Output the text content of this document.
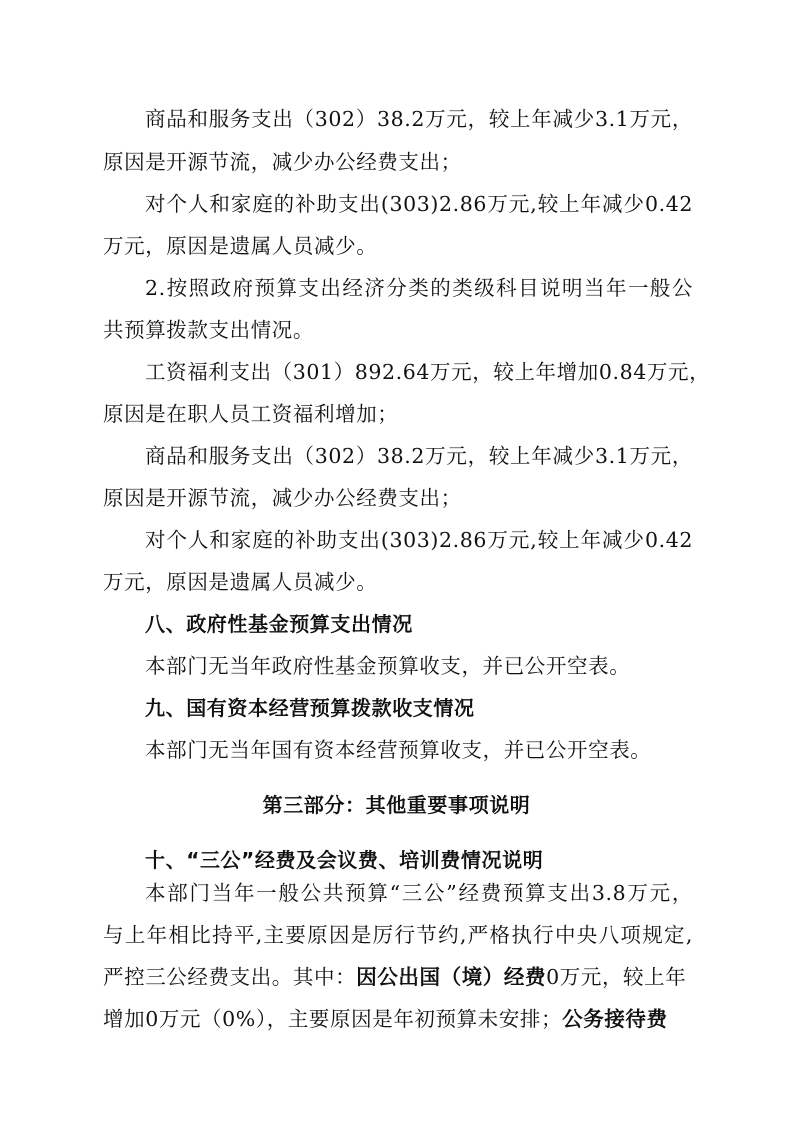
商品和服务支出（302）38.2万元，较上年减少3.1万元，
原因是开源节流，减少办公经费支出；
对个人和家庭的补助支出(303)2.86万元,较上年减少0.42
万元，原因是遗属人员减少。
2.按照政府预算支出经济分类的类级科目说明当年一般公
共预算拨款支出情况。
工资福利支出（301）892.64万元，较上年增加0.84万元，
原因是在职人员工资福利增加；
商品和服务支出（302）38.2万元，较上年减少3.1万元，
原因是开源节流，减少办公经费支出；
对个人和家庭的补助支出(303)2.86万元,较上年减少0.42
万元，原因是遗属人员减少。
八、政府性基金预算支出情况
本部门无当年政府性基金预算收支，并已公开空表。
九、国有资本经营预算拨款收支情况
本部门无当年国有资本经营预算收支，并已公开空表。
第三部分：其他重要事项说明
十、“三公”经费及会议费、培训费情况说明
本部门当年一般公共预算“三公”经费预算支出3.8万元，
与上年相比持平,主要原因是厉行节约,严格执行中央八项规定,
严控三公经费支出。其中：因公出国（境）经费0万元，较上年
增加0万元（0%），主要原因是年初预算未安排；公务接待费
